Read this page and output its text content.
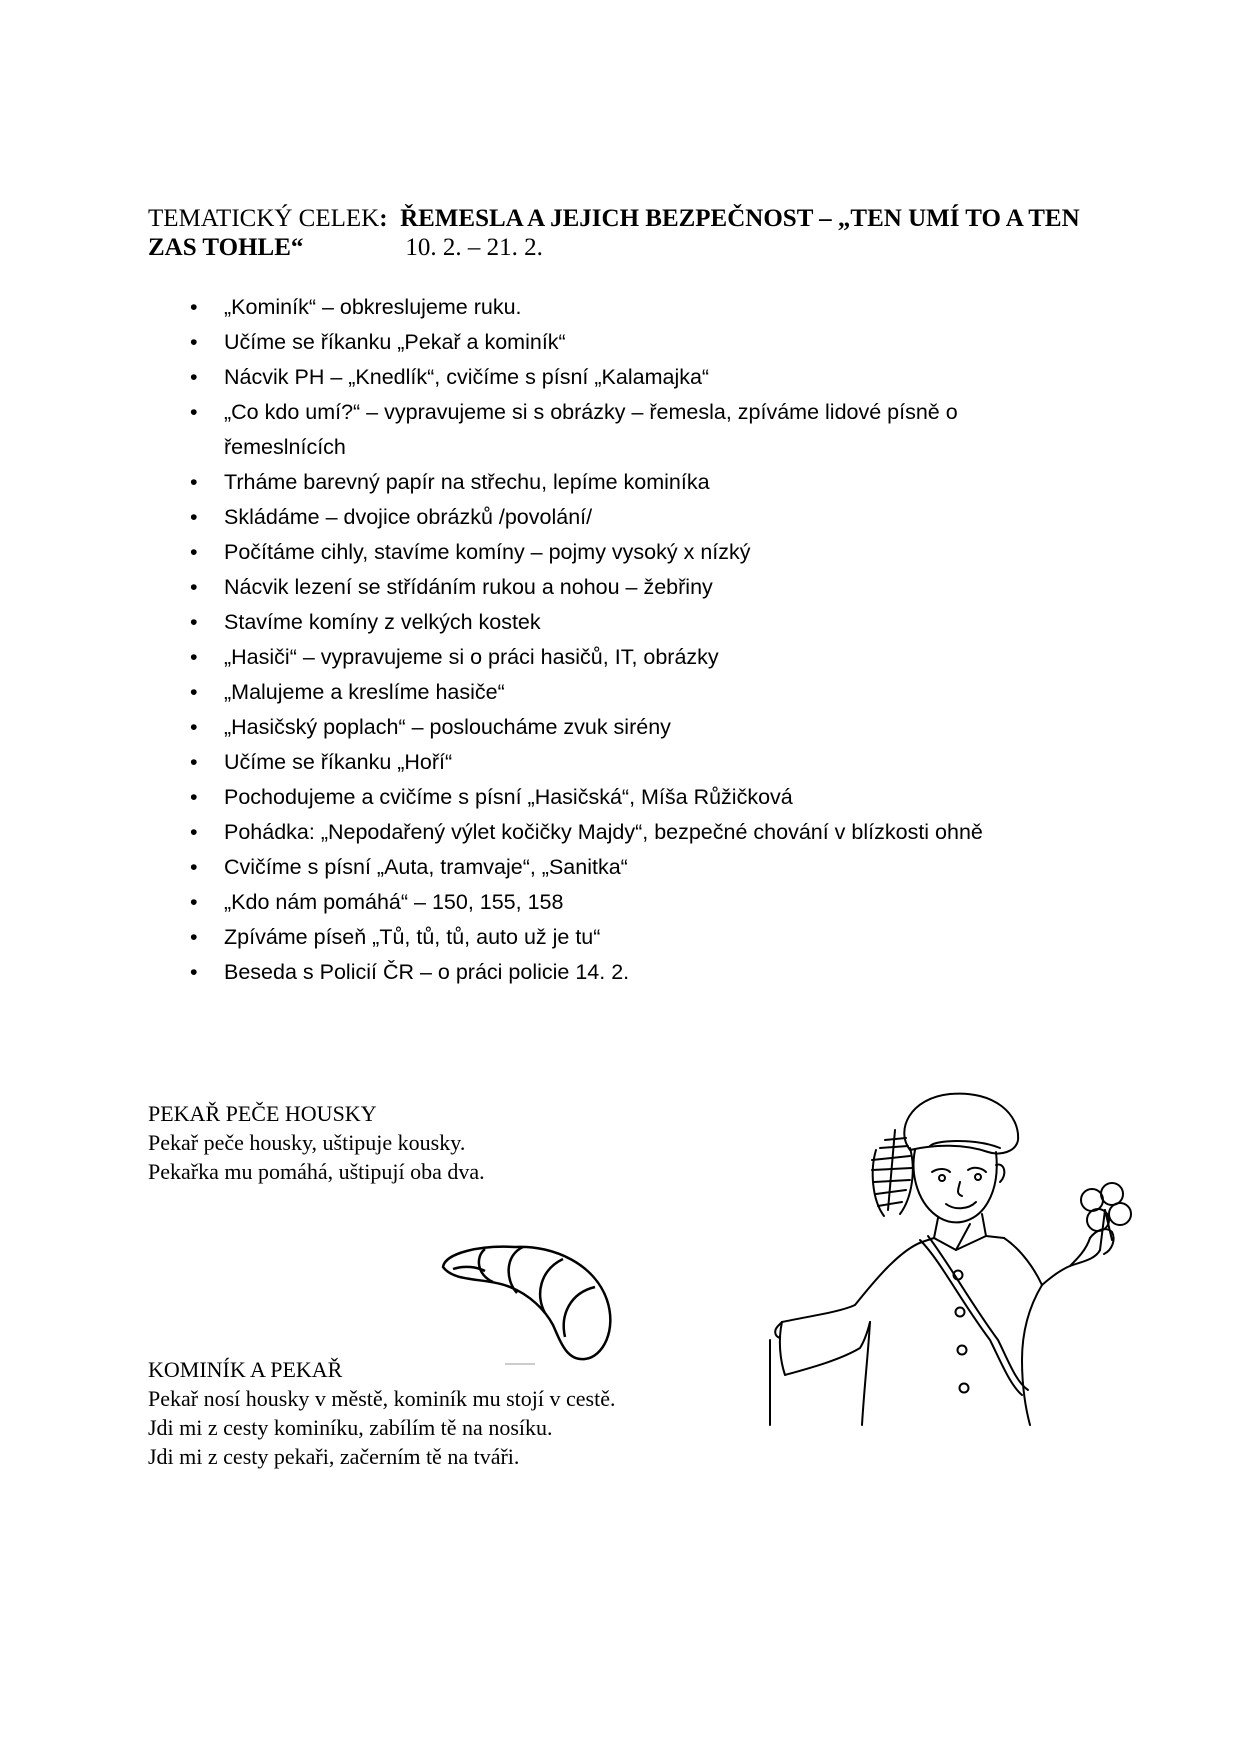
TEMATICKÝ CELEK: ŘEMESLA A JEJICH BEZPEČNOST – „TEN UMÍ TO A TEN
ZAS TOHLE“	10. 2. – 21. 2.
• „Kominík“ – obkreslujeme ruku.
• Učíme se říkanku „Pekař a kominík“
• Nácvik PH – „Knedlík“, cvičíme s písní „Kalamajka“
• „Co kdo umí?“ – vypravujeme si s obrázky – řemesla, zpíváme lidové písně o řemeslnících
• Trháme barevný papír na střechu, lepíme kominíka
• Skládáme – dvojice obrázků /povolání/
• Počítáme cihly, stavíme komíny – pojmy vysoký x nízký
• Nácvik lezení se střídáním rukou a nohou – žebřiny
• Stavíme komíny z velkých kostek
• „Hasiči“ – vypravujeme si o práci hasičů, IT, obrázky
• „Malujeme a kreslíme hasiče“
• „Hasičský poplach“ – posloucháme zvuk sirény
• Učíme se říkanku „Hoří“
• Pochodujeme a cvičíme s písní „Hasičská“, Míša Růžičková
• Pohádka: „Nepodařený výlet kočičky Majdy“, bezpečné chování v blízkosti ohně
• Cvičíme s písní „Auta, tramvaje“, „Sanitka“
• „Kdo nám pomáhá“ – 150, 155, 158
• Zpíváme píseň „Tů, tů, tů, auto už je tu“
• Beseda s Policií ČR – o práci policie 14. 2.
PEKAŘ PEČE HOUSKY
Pekař peče housky, uštipuje kousky.
Pekařka mu pomáhá, uštipují oba dva.
KOMINÍK A PEKAŘ
Pekař nosí housky v městě, kominík mu stojí v cestě.
Jdi mi z cesty kominíku, zabílím tě na nosíku.
Jdi mi z cesty pekaři, začerním tě na tváři.
